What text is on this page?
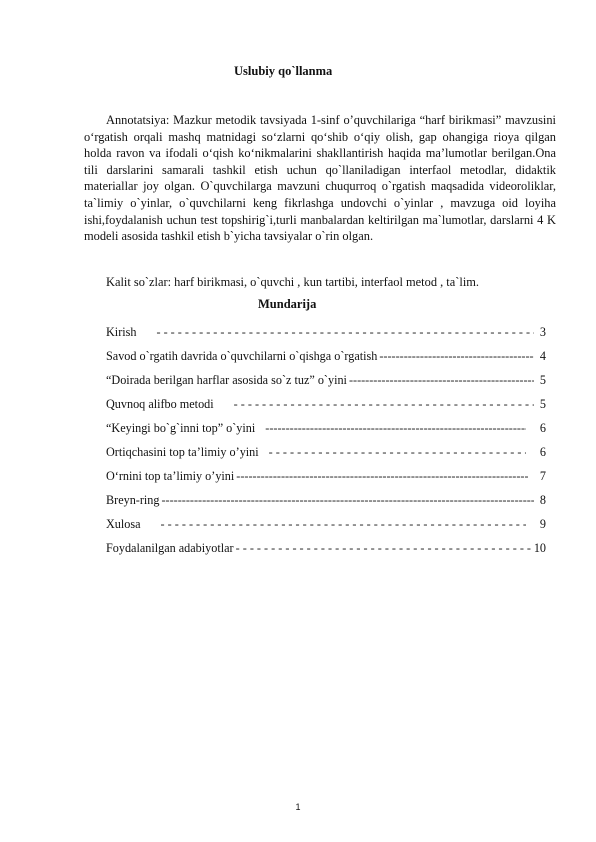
Uslubiy qo`llanma
Annotatsiya: Mazkur metodik tavsiyada 1-sinf o’quvchilariga “harf birikmasi” mavzusini o‘rgatish orqali mashq matnidagi so‘zlarni qo‘shib o‘qiy olish, gap ohangiga rioya qilgan holda ravon va ifodali o‘qish ko‘nikmalarini shakllantirish haqida ma’lumotlar berilgan.Ona tili darslarini samarali tashkil etish uchun qo`llaniladigan interfaol metodlar, didaktik materiallar joy olgan. O`quvchilarga mavzuni chuqurroq o`rgatish maqsadida videoroliklar, ta`limiy o`yinlar, o`quvchilarni keng fikrlashga undovchi o`yinlar , mavzuga oid loyiha ishi,foydalanish uchun test topshirig`i,turli manbalardan keltirilgan ma`lumotlar, darslarni 4 K modeli asosida tashkil etish b`yicha tavsiyalar o`rin olgan.
Kalit so`zlar: harf birikmasi, o`quvchi , kun tartibi, interfaol metod , ta`lim.
Mundarija
Kirish - - -	3
Savod o`rgatih davrida o`quvchilarni o`qishga o`rgatish -----	4
“Doirada berilgan harflar asosida so`z tuz” o`yini -----	5
Quvnoq alifbo metodi - - -	5
“Keyingi bo`g`inni top” o`yini -----	6
Ortiqchasini top ta’limiy o’yini - - -	6
O‘rnini top ta’limiy o’yini -----	7
Breyn-ring -----	8
Xulosa - - -	9
Foydalanilgan adabiyotlar - - -	10
1
